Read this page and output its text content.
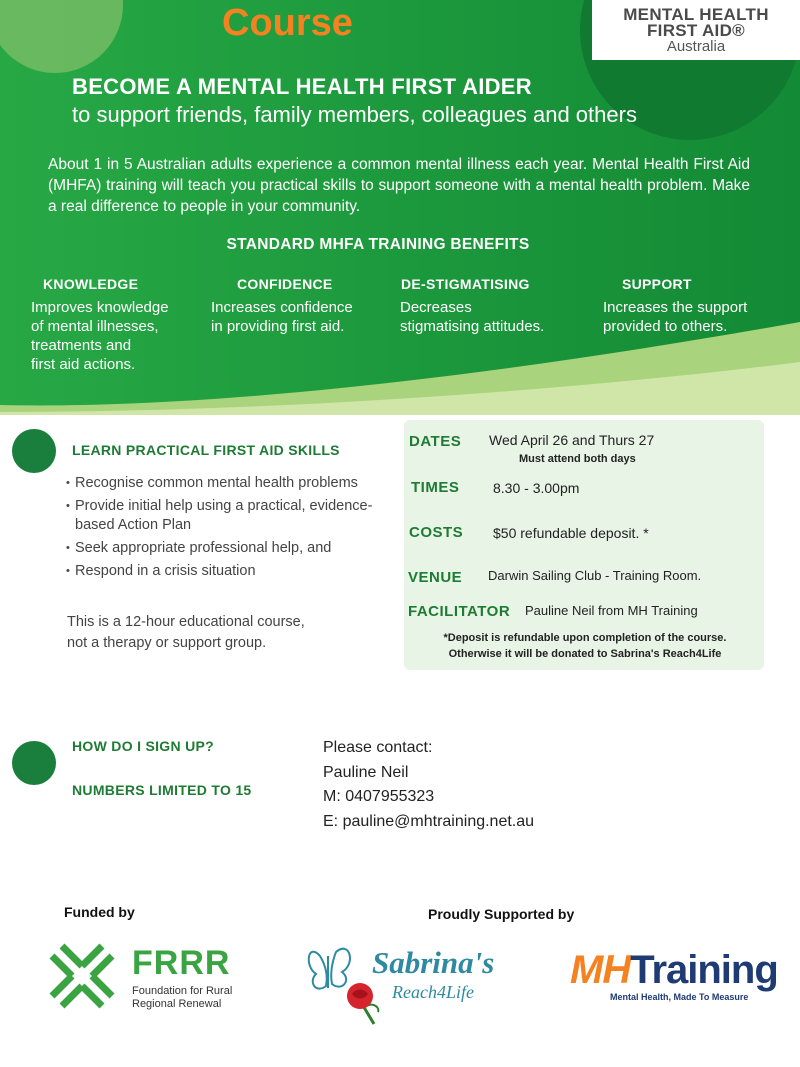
Course	MENTAL HEALTH
FIRST AID®
Australia
BECOME A MENTAL HEALTH FIRST AIDER
to support friends, family members, colleagues and others
About 1 in 5 Australian adults experience a common mental illness each year. Mental Health First Aid (MHFA) training will teach you practical skills to support someone with a mental health problem. Make a real difference to people in your community.
STANDARD MHFA TRAINING BENEFITS
KNOWLEDGE
Improves knowledge
of mental illnesses,
treatments and
first aid actions.
CONFIDENCE
Increases confidence
in providing first aid.
DE-STIGMATISING
Decreases
stigmatising attitudes.
SUPPORT
Increases the support
provided to others.
LEARN PRACTICAL FIRST AID SKILLS
• Recognise common mental health problems
• Provide initial help using a practical, evidence-based Action Plan
• Seek appropriate professional help, and
• Respond in a crisis situation
This is a 12-hour educational course,
not a therapy or support group.
DATES Wed April 26 and Thurs 27
Must attend both days
TIMES 8.30 - 3.00pm
COSTS $50 refundable deposit. *
VENUE Darwin Sailing Club - Training Room.
FACILITATOR Pauline Neil from MH Training
*Deposit is refundable upon completion of the course.
Otherwise it will be donated to Sabrina's Reach4Life
HOW DO I SIGN UP?
NUMBERS LIMITED TO 15
Please contact:
Pauline Neil
M: 0407955323
E: pauline@mhtraining.net.au
Funded by	Proudly Supported by
FRRR
Foundation for Rural
Regional Renewal
Sabrina's
Reach4Life MHTraining
Mental Health, Made To Measure
